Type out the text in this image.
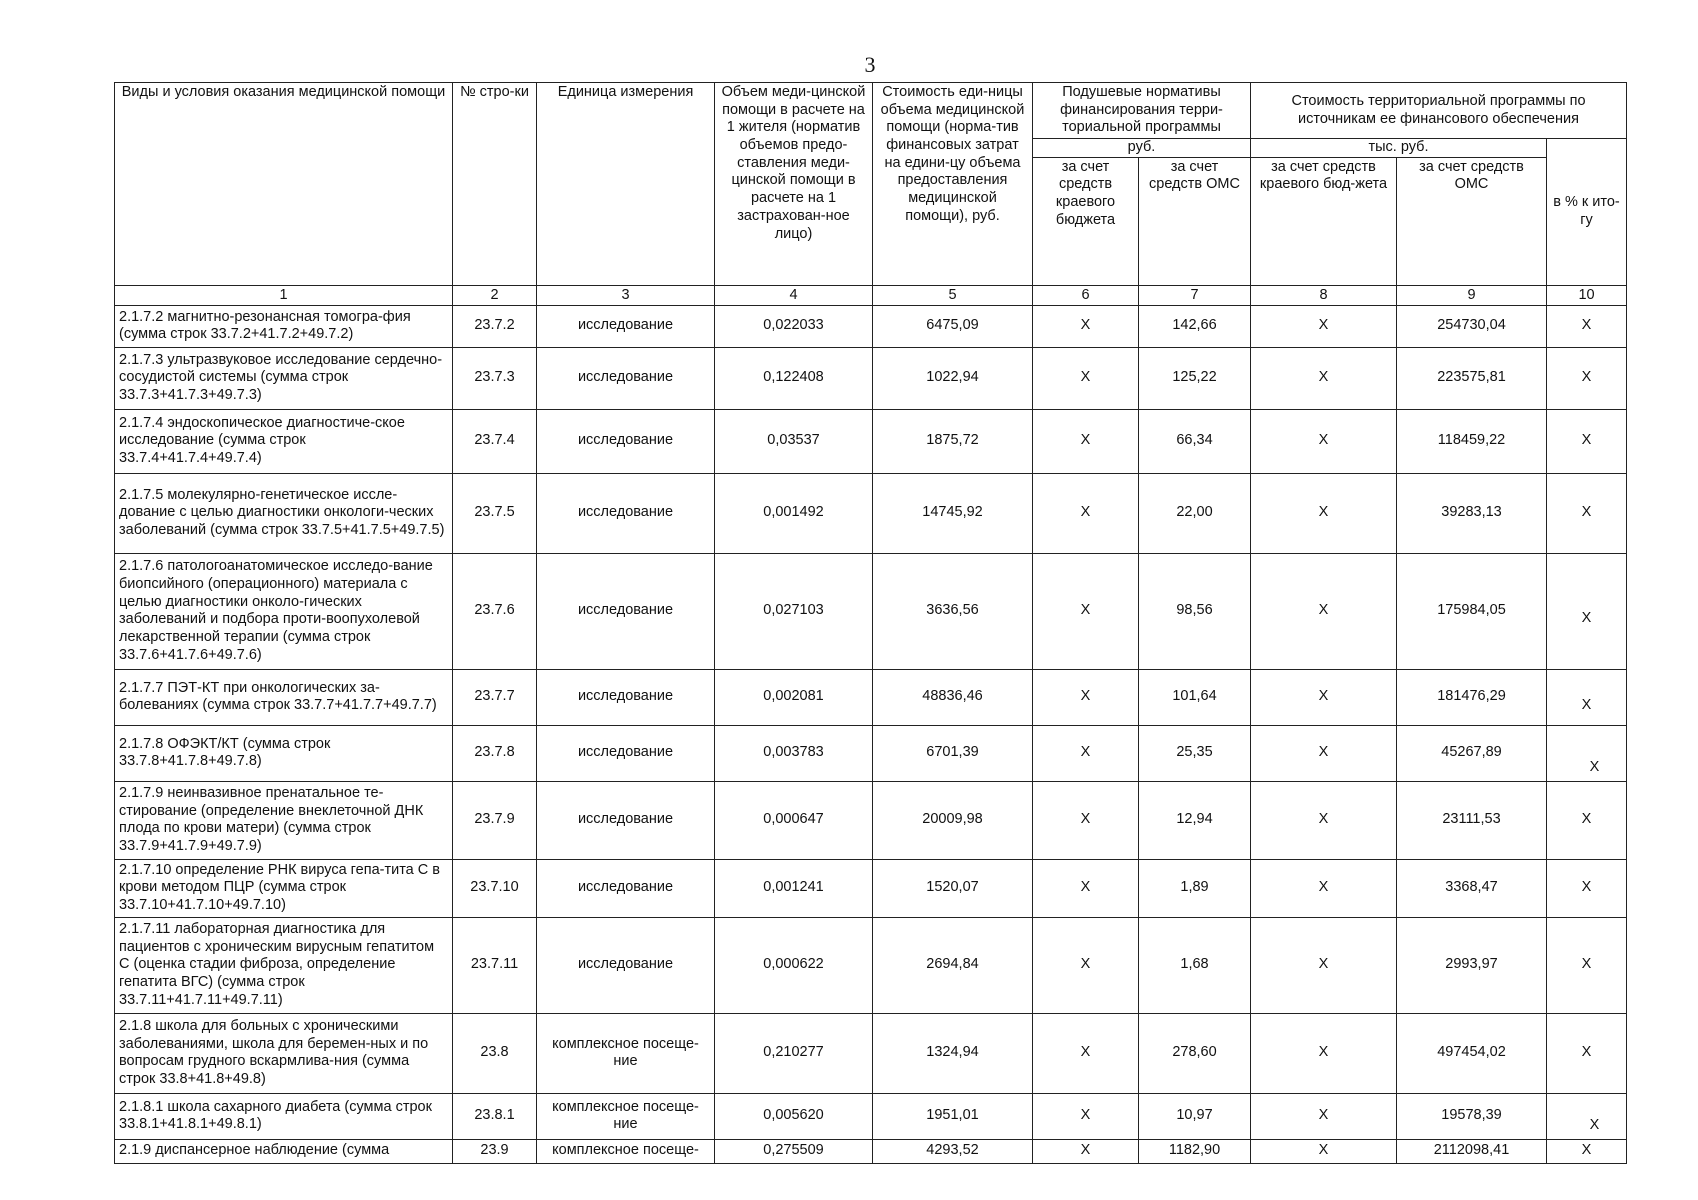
3
Виды и условия оказания медицинской помощи	№ стро-ки	Единица измерения	Объем меди-цинской помощи в расчете на 1 жителя (норматив объемов предо-ставления меди-цинской помощи в расчете на 1 застрахован-ное лицо)	Стоимость еди-ницы объема медицинской помощи (норма-тив финансовых затрат на едини-цу объема предоставления медицинской помощи), руб.	Подушевые нормативы финансирования терри-ториальной программы		Стоимость территориальной программы по источникам ее финансового обеспечения		
					руб.		тыс. руб.		в % к ито-гу
					за счет средств краевого бюджета	за счет средств ОМС	за счет средств краевого бюд-жета	за счет средств ОМС	
1	2	3	4	5	6	7	8	9	10
2.1.7.2 магнитно-резонансная томогра-фия (сумма строк 33.7.2+41.7.2+49.7.2)	23.7.2	исследование	0,022033	6475,09	Х	142,66	Х	254730,04	Х
2.1.7.3 ультразвуковое исследование сердечно-сосудистой системы (сумма строк 33.7.3+41.7.3+49.7.3)	23.7.3	исследование	0,122408	1022,94	Х	125,22	Х	223575,81	Х
2.1.7.4 эндоскопическое диагностиче-ское исследование (сумма строк 33.7.4+41.7.4+49.7.4)	23.7.4	исследование	0,03537	1875,72	Х	66,34	Х	118459,22	Х
2.1.7.5 молекулярно-генетическое иссле-дование с целью диагностики онкологи-ческих заболеваний (сумма строк 33.7.5+41.7.5+49.7.5)	23.7.5	исследование	0,001492	14745,92	Х	22,00	Х	39283,13	Х
2.1.7.6 патологоанатомическое исследо-вание биопсийного (операционного) материала с целью диагностики онколо-гических заболеваний и подбора проти-воопухолевой лекарственной терапии (сумма строк 33.7.6+41.7.6+49.7.6)	23.7.6	исследование	0,027103	3636,56	Х	98,56	Х	175984,05	Х
2.1.7.7 ПЭТ-КТ при онкологических за-болеваниях (сумма строк 33.7.7+41.7.7+49.7.7)	23.7.7	исследование	0,002081	48836,46	Х	101,64	Х	181476,29	Х
2.1.7.8 ОФЭКТ/КТ (сумма строк 33.7.8+41.7.8+49.7.8)	23.7.8	исследование	0,003783	6701,39	Х	25,35	Х	45267,89	Х
2.1.7.9 неинвазивное пренатальное те-стирование (определение внеклеточной ДНК плода по крови матери) (сумма строк 33.7.9+41.7.9+49.7.9)	23.7.9	исследование	0,000647	20009,98	Х	12,94	Х	23111,53	Х
2.1.7.10 определение РНК вируса гепа-тита С в крови методом ПЦР (сумма строк 33.7.10+41.7.10+49.7.10)	23.7.10	исследование	0,001241	1520,07	Х	1,89	Х	3368,47	Х
2.1.7.11 лабораторная диагностика для пациентов с хроническим вирусным гепатитом С (оценка стадии фиброза, определение гепатита ВГС) (сумма строк 33.7.11+41.7.11+49.7.11)	23.7.11	исследование	0,000622	2694,84	Х	1,68	Х	2993,97	Х
2.1.8 школа для больных с хроническими заболеваниями, школа для беремен-ных и по вопросам грудного вскармлива-ния (сумма строк 33.8+41.8+49.8)	23.8	комплексное посеще-ние	0,210277	1324,94	Х	278,60	Х	497454,02	Х
2.1.8.1 школа сахарного диабета (сумма строк 33.8.1+41.8.1+49.8.1)	23.8.1	комплексное посеще-ние	0,005620	1951,01	Х	10,97	Х	19578,39	Х
2.1.9 диспансерное наблюдение (сумма	23.9	комплексное посеще-	0,275509	4293,52	Х	1182,90	Х	2112098,41	Х
